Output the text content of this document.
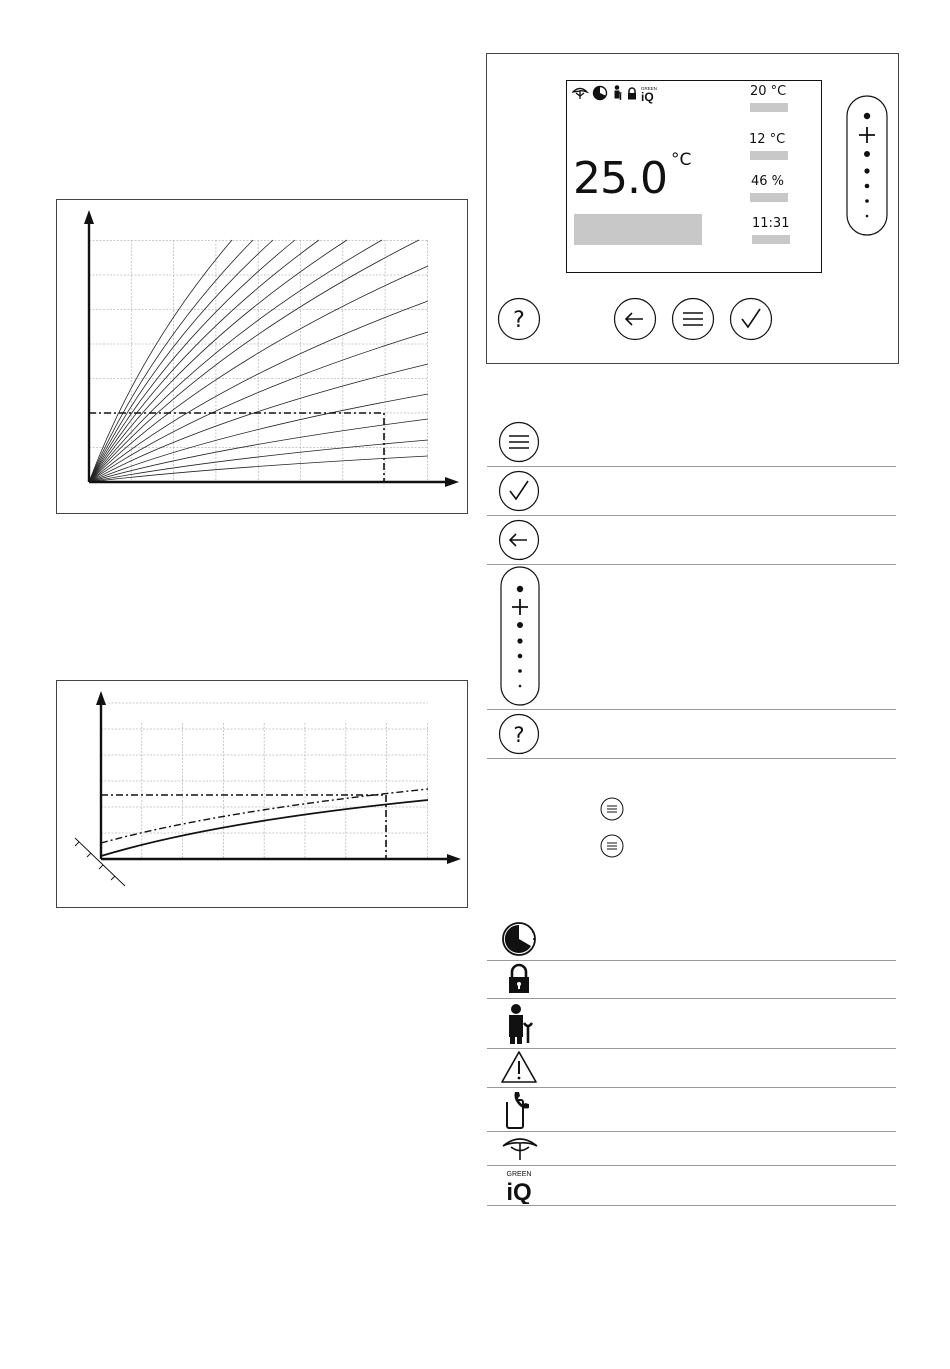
GREEN
iQ
25.0 °C
20 °C
12 °C
46 %
11:31
?
?
GREEN
iQ
